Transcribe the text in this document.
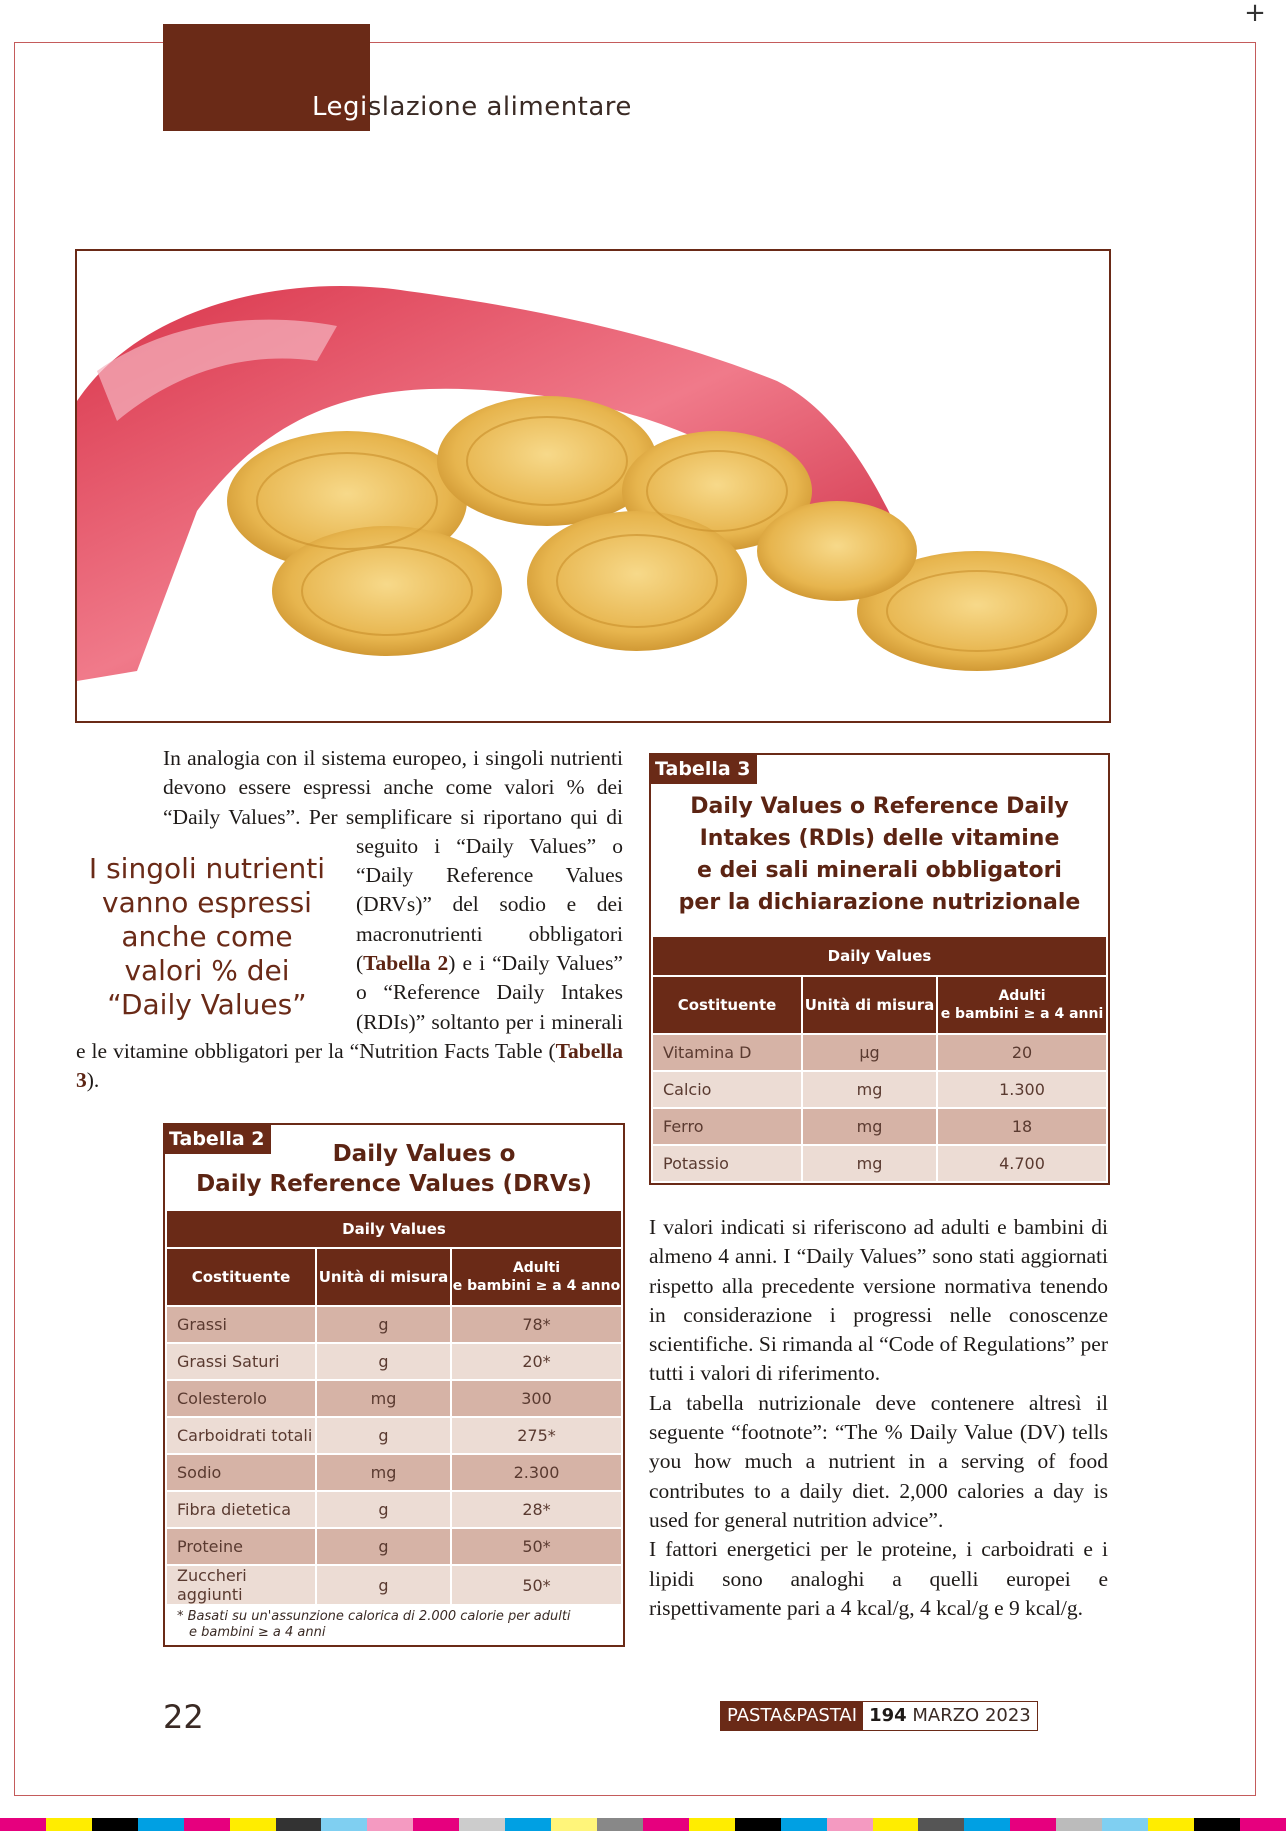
+
Legislazione alimentare

In analogia con il sistema europeo, i singoli nutrienti devono essere espressi anche come valori % dei “Daily Values”. Per semplificare si riportano qui di seguito i “Daily Values” o “Daily Reference Values (DRVs)” del sodio e dei macronutrienti obbligatori (Tabella 2) e i “Daily Values” o “Reference Daily Intakes (RDIs)” soltanto per i minerali e le vitamine obbligatori per la “Nutrition Facts Table (Tabella 3).

I singoli nutrienti vanno espressi anche come valori % dei “Daily Values”
Tabella 2
Daily Values o
Daily Reference Values (DRVs)
Daily Values		
Costituente	Unità di misura	Adulti
e bambini ≥ a 4 anno

Grassi	g	78*
Grassi Saturi	g	20*
Colesterolo	mg	300
Carboidrati totali	g	275*
Sodio	mg	2.300
Fibra dietetica	g	28*
Proteine	g	50*
Zuccheri aggiunti	g	50*
* Basati su un'assunzione calorica di 2.000 calorie per adulti
e bambini ≥ a 4 anni
Tabella 3
Daily Values o Reference Daily
Intakes (RDIs) delle vitamine
e dei sali minerali obbligatori
per la dichiarazione nutrizionale
Daily Values		
Costituente	Unità di misura	Adulti
e bambini ≥ a 4 anni

Vitamina D	µg	20
Calcio	mg	1.300
Ferro	mg	18
Potassio	mg	4.700

I valori indicati si riferiscono ad adulti e bambini di almeno 4 anni. I “Daily Values” sono stati aggiornati rispetto alla precedente versione normativa tenendo in considerazione i progressi nelle conoscenze scientifiche. Si rimanda al “Code of Regulations” per tutti i valori di riferimento.

La tabella nutrizionale deve contenere altresì il seguente “footnote”: “The % Daily Value (DV) tells you how much a nutrient in a serving of food contributes to a daily diet. 2,000 calories a day is used for general nutrition advice”.

I fattori energetici per le proteine, i carboidrati e i lipidi sono analoghi a quelli europei e rispettivamente pari a 4 kcal/g, 4 kcal/g e 9 kcal/g.

22	PASTA&PASTAI 194 MARZO 2023
